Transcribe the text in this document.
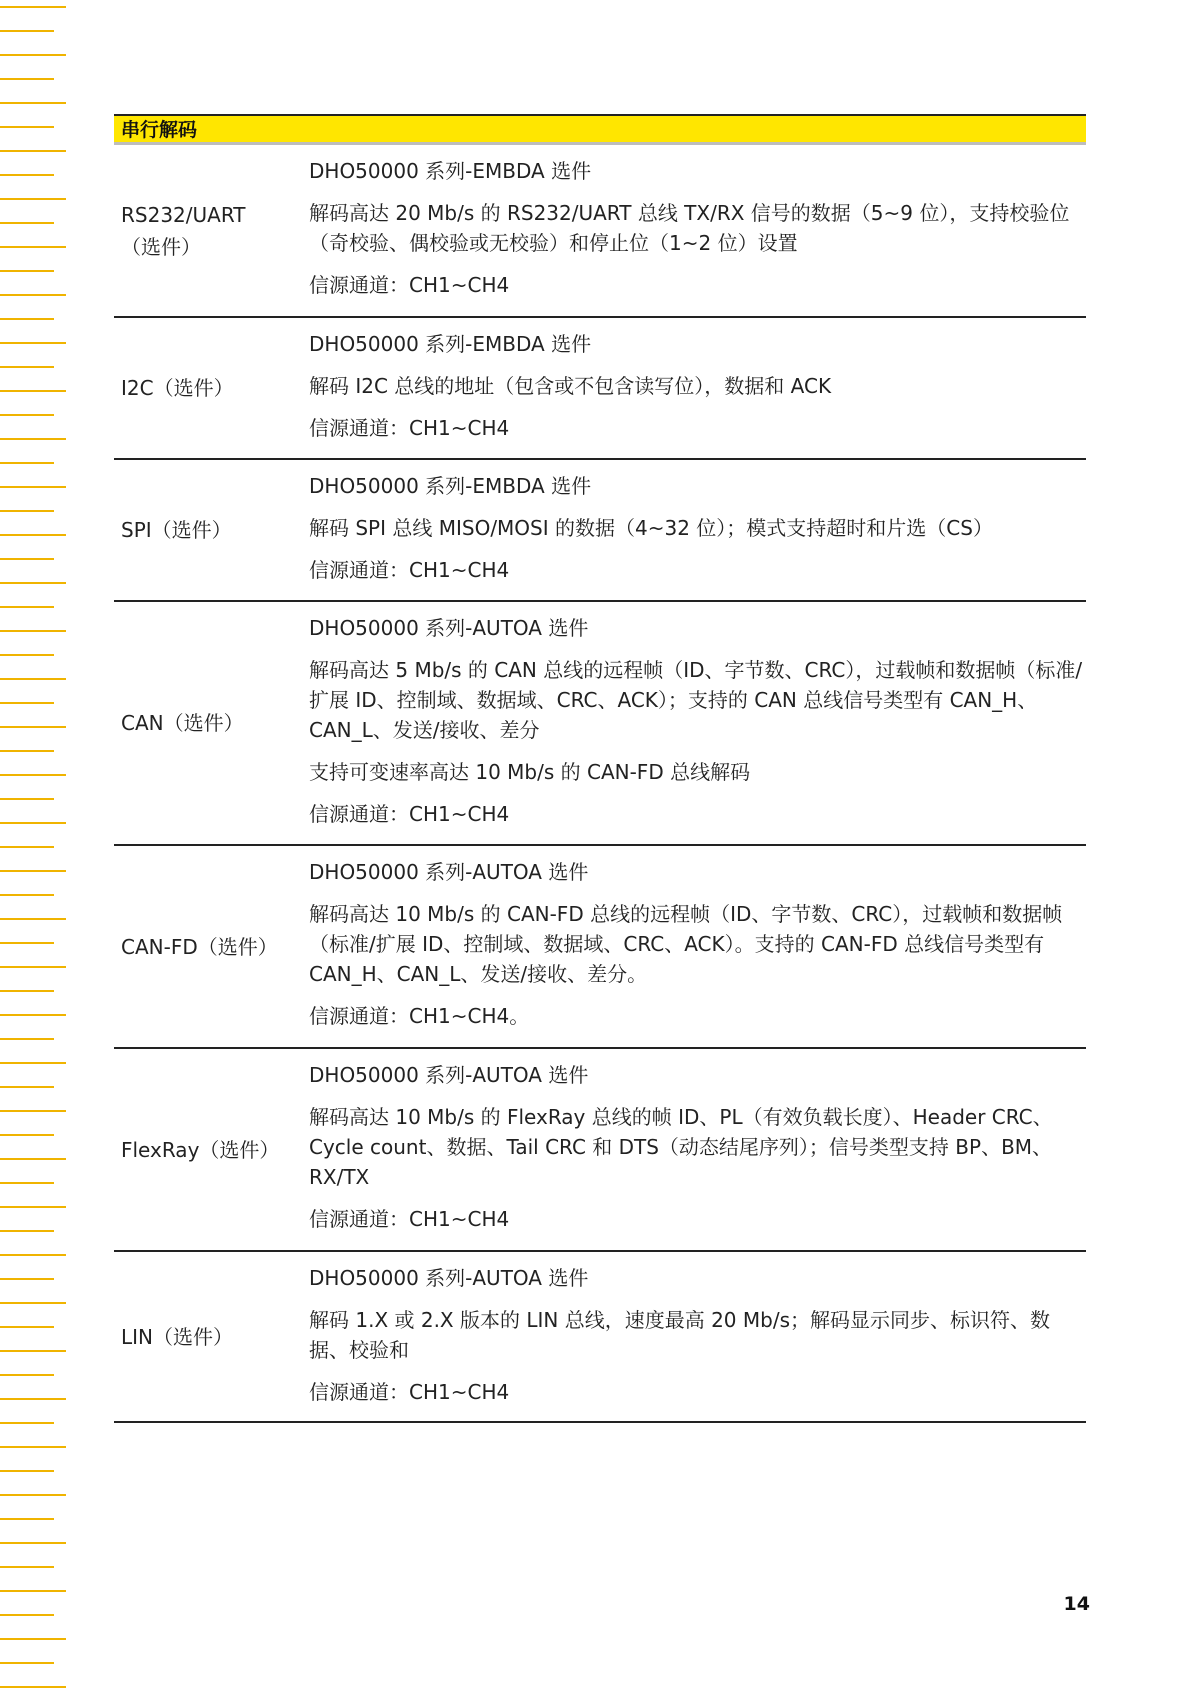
串行解码
RS232/UART
（选件）

DHO50000 系列-EMBDA 选件

解码高达 20 Mb/s 的 RS232/UART 总线 TX/RX 信号的数据（5~9 位），支持校验位（奇校验、偶校验或无校验）和停止位（1~2 位）设置

信源通道：CH1~CH4

I2C（选件）

DHO50000 系列-EMBDA 选件

解码 I2C 总线的地址（包含或不包含读写位），数据和 ACK

信源通道：CH1~CH4

SPI（选件）

DHO50000 系列-EMBDA 选件

解码 SPI 总线 MISO/MOSI 的数据（4~32 位）；模式支持超时和片选（CS）

信源通道：CH1~CH4

CAN（选件）

DHO50000 系列-AUTOA 选件

解码高达 5 Mb/s 的 CAN 总线的远程帧（ID、字节数、CRC），过载帧和数据帧（标准/扩展 ID、控制域、数据域、CRC、ACK）；支持的 CAN 总线信号类型有 CAN_H、CAN_L、发送/接收、差分

支持可变速率高达 10 Mb/s 的 CAN-FD 总线解码

信源通道：CH1~CH4

CAN-FD（选件）

DHO50000 系列-AUTOA 选件

解码高达 10 Mb/s 的 CAN-FD 总线的远程帧（ID、字节数、CRC），过载帧和数据帧（标准/扩展 ID、控制域、数据域、CRC、ACK）。支持的 CAN-FD 总线信号类型有 CAN_H、CAN_L、发送/接收、差分。

信源通道：CH1~CH4。

FlexRay（选件）

DHO50000 系列-AUTOA 选件

解码高达 10 Mb/s 的 FlexRay 总线的帧 ID、PL（有效负载长度）、Header CRC、Cycle count、数据、Tail CRC 和 DTS（动态结尾序列）；信号类型支持 BP、BM、RX/TX

信源通道：CH1~CH4

LIN（选件）

DHO50000 系列-AUTOA 选件

解码 1.X 或 2.X 版本的 LIN 总线，速度最高 20 Mb/s；解码显示同步、标识符、数据、校验和

信源通道：CH1~CH4

14
